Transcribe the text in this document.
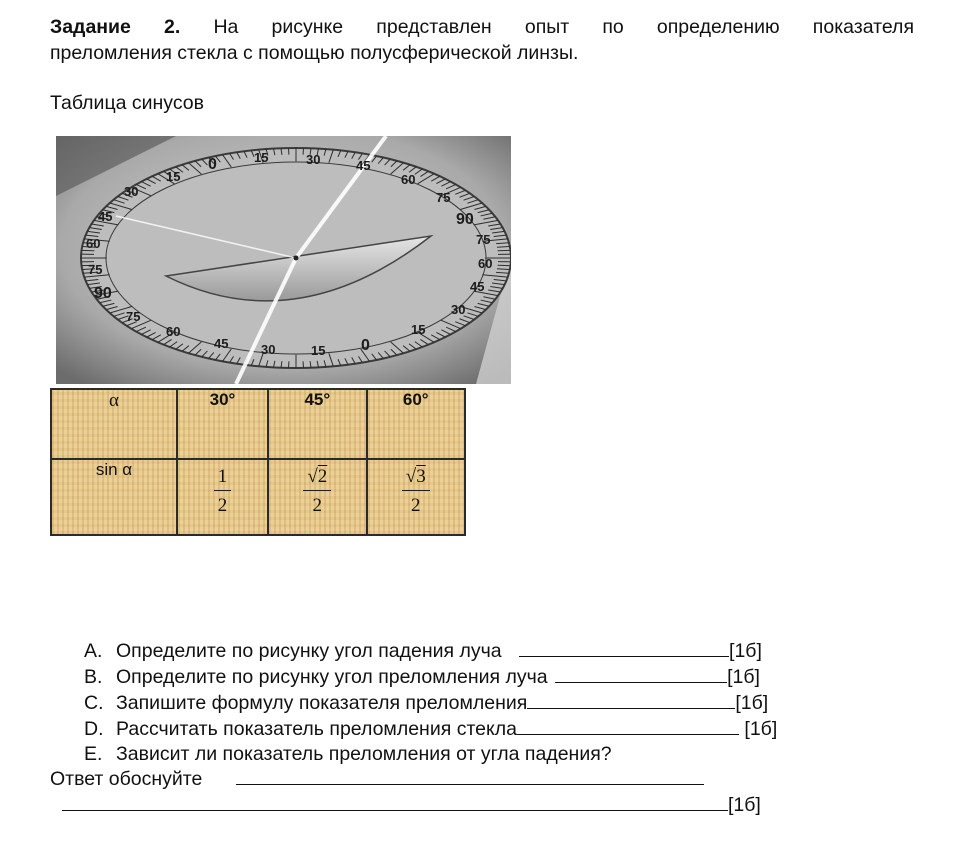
Задание 2. На рисунке представлен опыт по определению показателя
преломления стекла с помощью полусферической линзы.
Таблица синусов
15
0	15	30	45
60
75
90
30
45
60
75
90
75
60
45
30
15
75
60
45	30	15 0
α	30°	45°	60°
sin α	$\frac{1}{2}$	$\frac{√2}{2}$	$\frac{√3}{2}$
A. Определите по рисунку угол падения луча	[1б]
B. Определите по рисунку угол преломления луча	[1б]
C. Запишите формулу показателя преломления	[1б]
D. Рассчитать показатель преломления стекла	[1б]
E. Зависит ли показатель преломления от угла падения?
Ответ обоснуйте
[1б]
